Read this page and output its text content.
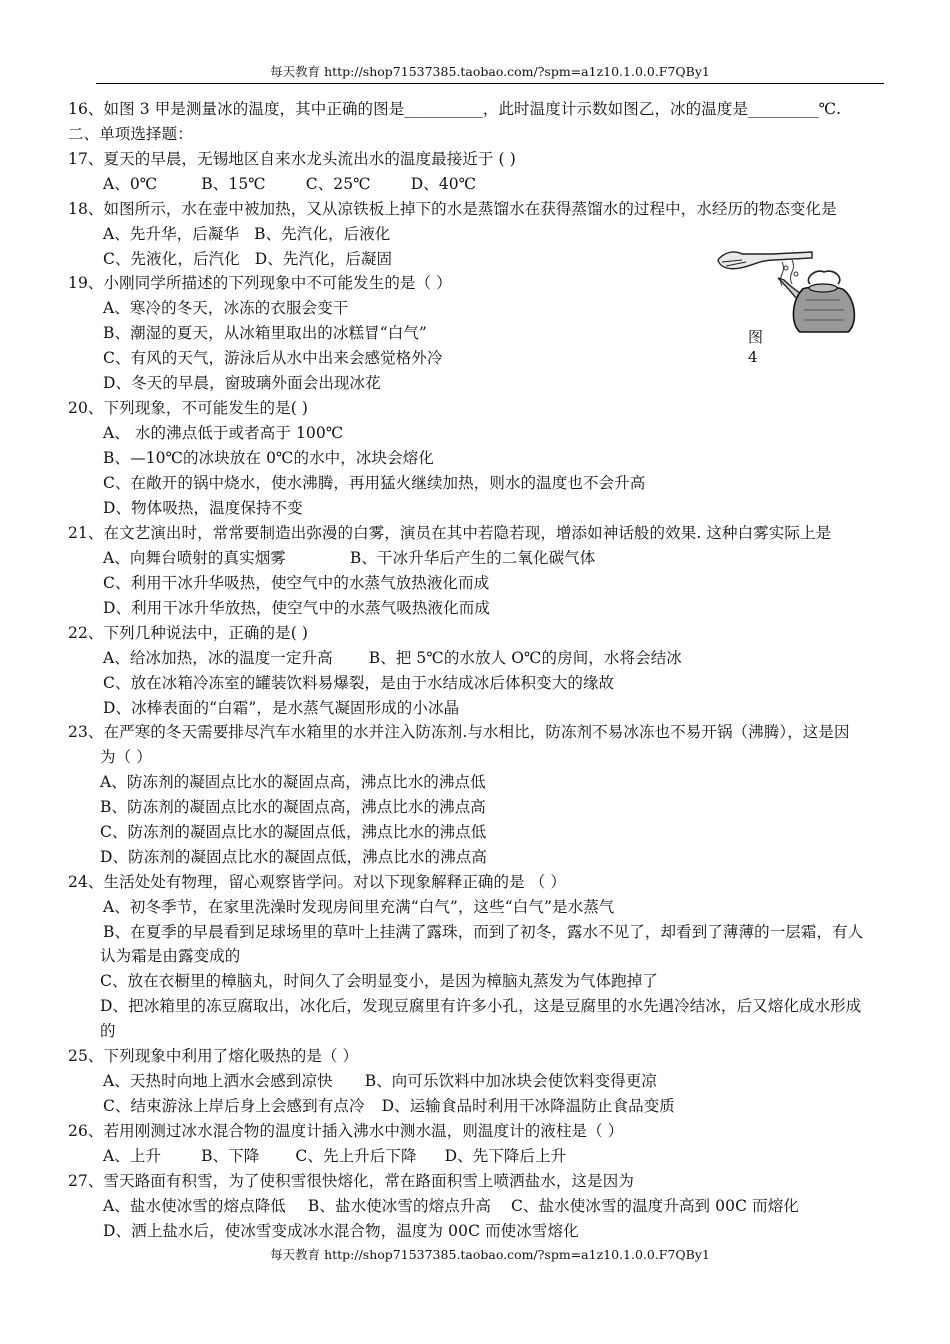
每天教育 http://shop71537385.taobao.com/?spm=a1z10.1.0.0.F7QBy1
16、如图 3 甲是测量冰的温度，其中正确的图是__________，此时温度计示数如图乙，冰的温度是_________℃.
二、单项选择题：
17、夏天的早晨，无锡地区自来水龙头流出水的温度最接近于 ( )
A、0℃	B、15℃	C、25℃	D、40℃
18、如图所示，水在壶中被加热，又从凉铁板上掉下的水是蒸馏水在获得蒸馏水的过程中，水经历的物态变化是
A、先升华，后凝华 B、先汽化，后液化
C、先液化，后汽化 D、先汽化，后凝固
图
4
19、小刚同学所描述的下列现象中不可能发生的是（ ）
A、寒冷的冬天，冰冻的衣服会变干
B、潮湿的夏天，从冰箱里取出的冰糕冒“白气”
C、有风的天气，游泳后从水中出来会感觉格外冷
D、冬天的早晨，窗玻璃外面会出现冰花
20、下列现象，不可能发生的是( )
A、 水的沸点低于或者高于 100℃
B、—10℃的冰块放在 0℃的水中，冰块会熔化
C、在敞开的锅中烧水，使水沸腾，再用猛火继续加热，则水的温度也不会升高
D、物体吸热，温度保持不变
21、在文艺演出时，常常要制造出弥漫的白雾，演员在其中若隐若现，增添如神话般的效果. 这种白雾实际上是
A、向舞台喷射的真实烟雾	B、干冰升华后产生的二氧化碳气体
C、利用干冰升华吸热，使空气中的水蒸气放热液化而成
D、利用干冰升华放热，使空气中的水蒸气吸热液化而成
22、下列几种说法中，正确的是( )
A、给冰加热，冰的温度一定升高 B、把 5℃的水放人 O℃的房间，水将会结冰
C、放在冰箱冷冻室的罐装饮料易爆裂，是由于水结成冰后体积变大的缘故
D、冰棒表面的“白霜”，是水蒸气凝固形成的小冰晶
23、在严寒的冬天需要排尽汽车水箱里的水并注入防冻剂.与水相比，防冻剂不易冰冻也不易开锅（沸腾），这是因
为（ ）
A、防冻剂的凝固点比水的凝固点高，沸点比水的沸点低
B、防冻剂的凝固点比水的凝固点高，沸点比水的沸点高
C、防冻剂的凝固点比水的凝固点低，沸点比水的沸点低
D、防冻剂的凝固点比水的凝固点低，沸点比水的沸点高
24、生活处处有物理，留心观察皆学问。对以下现象解释正确的是 （ ）
A、初冬季节，在家里洗澡时发现房间里充满“白气”，这些“白气”是水蒸气
B、在夏季的早晨看到足球场里的草叶上挂满了露珠，而到了初冬，露水不见了，却看到了薄薄的一层霜，有人
认为霜是由露变成的
C、放在衣橱里的樟脑丸，时间久了会明显变小，是因为樟脑丸蒸发为气体跑掉了
D、把冰箱里的冻豆腐取出，冰化后，发现豆腐里有许多小孔，这是豆腐里的水先遇冷结冰，后又熔化成水形成
的
25、下列现象中利用了熔化吸热的是（ ）
A、天热时向地上洒水会感到凉快 B、向可乐饮料中加冰块会使饮料变得更凉
C、结束游泳上岸后身上会感到有点冷 D、运输食品时利用干冰降温防止食品变质
26、若用刚测过冰水混合物的温度计插入沸水中测水温，则温度计的液柱是（ ）
A、上升	B、下降 C、先上升后下降 D、先下降后上升
27、雪天路面有积雪，为了使积雪很快熔化，常在路面积雪上喷洒盐水，这是因为
A、盐水使冰雪的熔点降低 B、盐水使冰雪的熔点升高 C、盐水使冰雪的温度升高到 00C 而熔化
D、洒上盐水后，使冰雪变成冰水混合物，温度为 00C 而使冰雪熔化
每天教育 http://shop71537385.taobao.com/?spm=a1z10.1.0.0.F7QBy1
